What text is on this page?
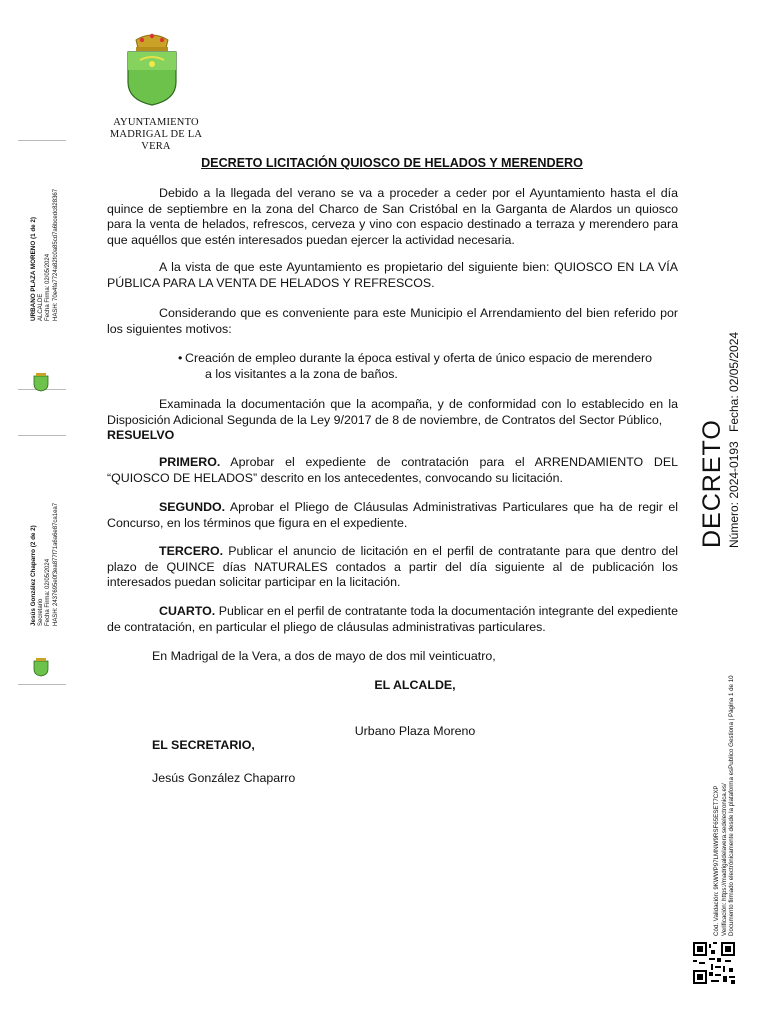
AYUNTAMIENTO
MADRIGAL DE LA VERA
URBANO PLAZA MORENO (1 de 2) ALCALDE Fecha Firma: 02/05/2024 HASH: 70e4fa7724a82fc0a85cd7a6bcedc828367
Jesús González Chaparro (2 de 2) Secretario Fecha Firma: 02/05/2024 HASH: 2437695e0f3ea877f71a6a6e87ca1ea7
DECRETO Número: 2024-0193
Fecha: 02/05/2024
Cód. Validación: 9KWWP97LMNW9RSF65ESET7CXP Verificación: https://madrigaldelavera.sedelectronica.es/ Documento firmado electrónicamente desde la plataforma esPublico Gestiona | Página 1 de 10
DECRETO LICITACIÓN QUIOSCO DE HELADOS Y MERENDERO
Debido a la llegada del verano se va a proceder a ceder por el Ayuntamiento hasta el día quince de septiembre en la zona del Charco de San Cristóbal en la Garganta de Alardos un quiosco para la venta de helados, refrescos, cerveza y vino con espacio destinado a terraza y merendero para que aquéllos que estén interesados puedan ejercer la actividad necesaria.
A la vista de que este Ayuntamiento es propietario del siguiente bien: QUIOSCO EN LA VÍA PÚBLICA PARA LA VENTA DE HELADOS Y REFRESCOS.
Considerando que es conveniente para este Municipio el Arrendamiento del bien referido por los siguientes motivos:
• Creación de empleo durante la época estival y oferta de único espacio de merendero
a los visitantes a la zona de baños.
Examinada la documentación que la acompaña, y de conformidad con lo establecido en la Disposición Adicional Segunda de la Ley 9/2017 de 8 de noviembre, de Contratos del Sector Público,
RESUELVO
PRIMERO. Aprobar el expediente de contratación para el ARRENDAMIENTO DEL “QUIOSCO DE HELADOS” descrito en los antecedentes, convocando su licitación.
SEGUNDO. Aprobar el Pliego de Cláusulas Administrativas Particulares que ha de regir el Concurso, en los términos que figura en el expediente.
TERCERO. Publicar el anuncio de licitación en el perfil de contratante para que dentro del plazo de QUINCE días NATURALES contados a partir del día siguiente al de publicación los interesados puedan solicitar participar en la licitación.
CUARTO. Publicar en el perfil de contratante toda la documentación integrante del expediente de contratación, en particular el pliego de cláusulas administrativas particulares.
En Madrigal de la Vera, a dos de mayo de dos mil veinticuatro,
EL ALCALDE,
Urbano Plaza Moreno
EL SECRETARIO,
Jesús González Chaparro
